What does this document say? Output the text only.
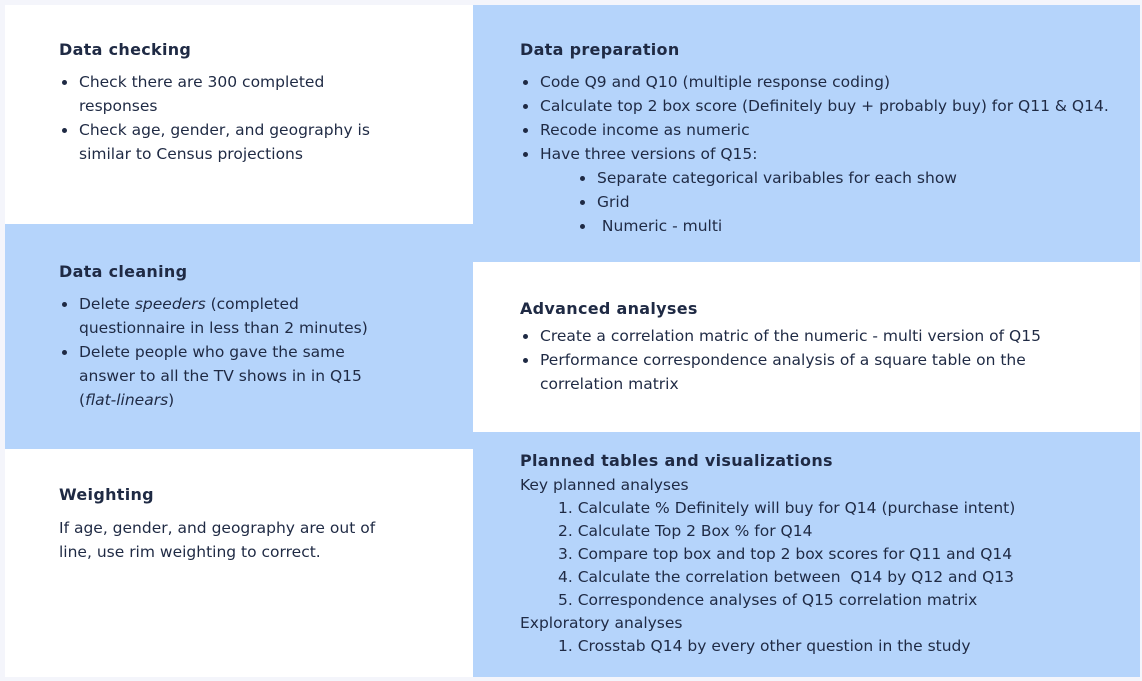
Data checking
Check there are 300 completed responses
Check age, gender, and geography is similar to Census projections
Data cleaning
Delete speeders (completed questionnaire in less than 2 minutes)
Delete people who gave the same answer to all the TV shows in in Q15 (flat-linears)
Weighting

If age, gender, and geography are out of line, use rim weighting to correct.

Data preparation
Code Q9 and Q10 (multiple response coding)
Calculate top 2 box score (Definitely buy + probably buy) for Q11 & Q14.
Recode income as numeric
Have three versions of Q15:
Separate categorical varibables for each show
Grid
Numeric - multi
Advanced analyses
Create a correlation matric of the numeric - multi version of Q15
Performance correspondence analysis of a square table on the correlation matrix
Planned tables and visualizations
Key planned analyses
1. Calculate % Definitely will buy for Q14 (purchase intent)
2. Calculate Top 2 Box % for Q14
3. Compare top box and top 2 box scores for Q11 and Q14
4. Calculate the correlation between  Q14 by Q12 and Q13
5. Correspondence analyses of Q15 correlation matrix
Exploratory analyses
1. Crosstab Q14 by every other question in the study
